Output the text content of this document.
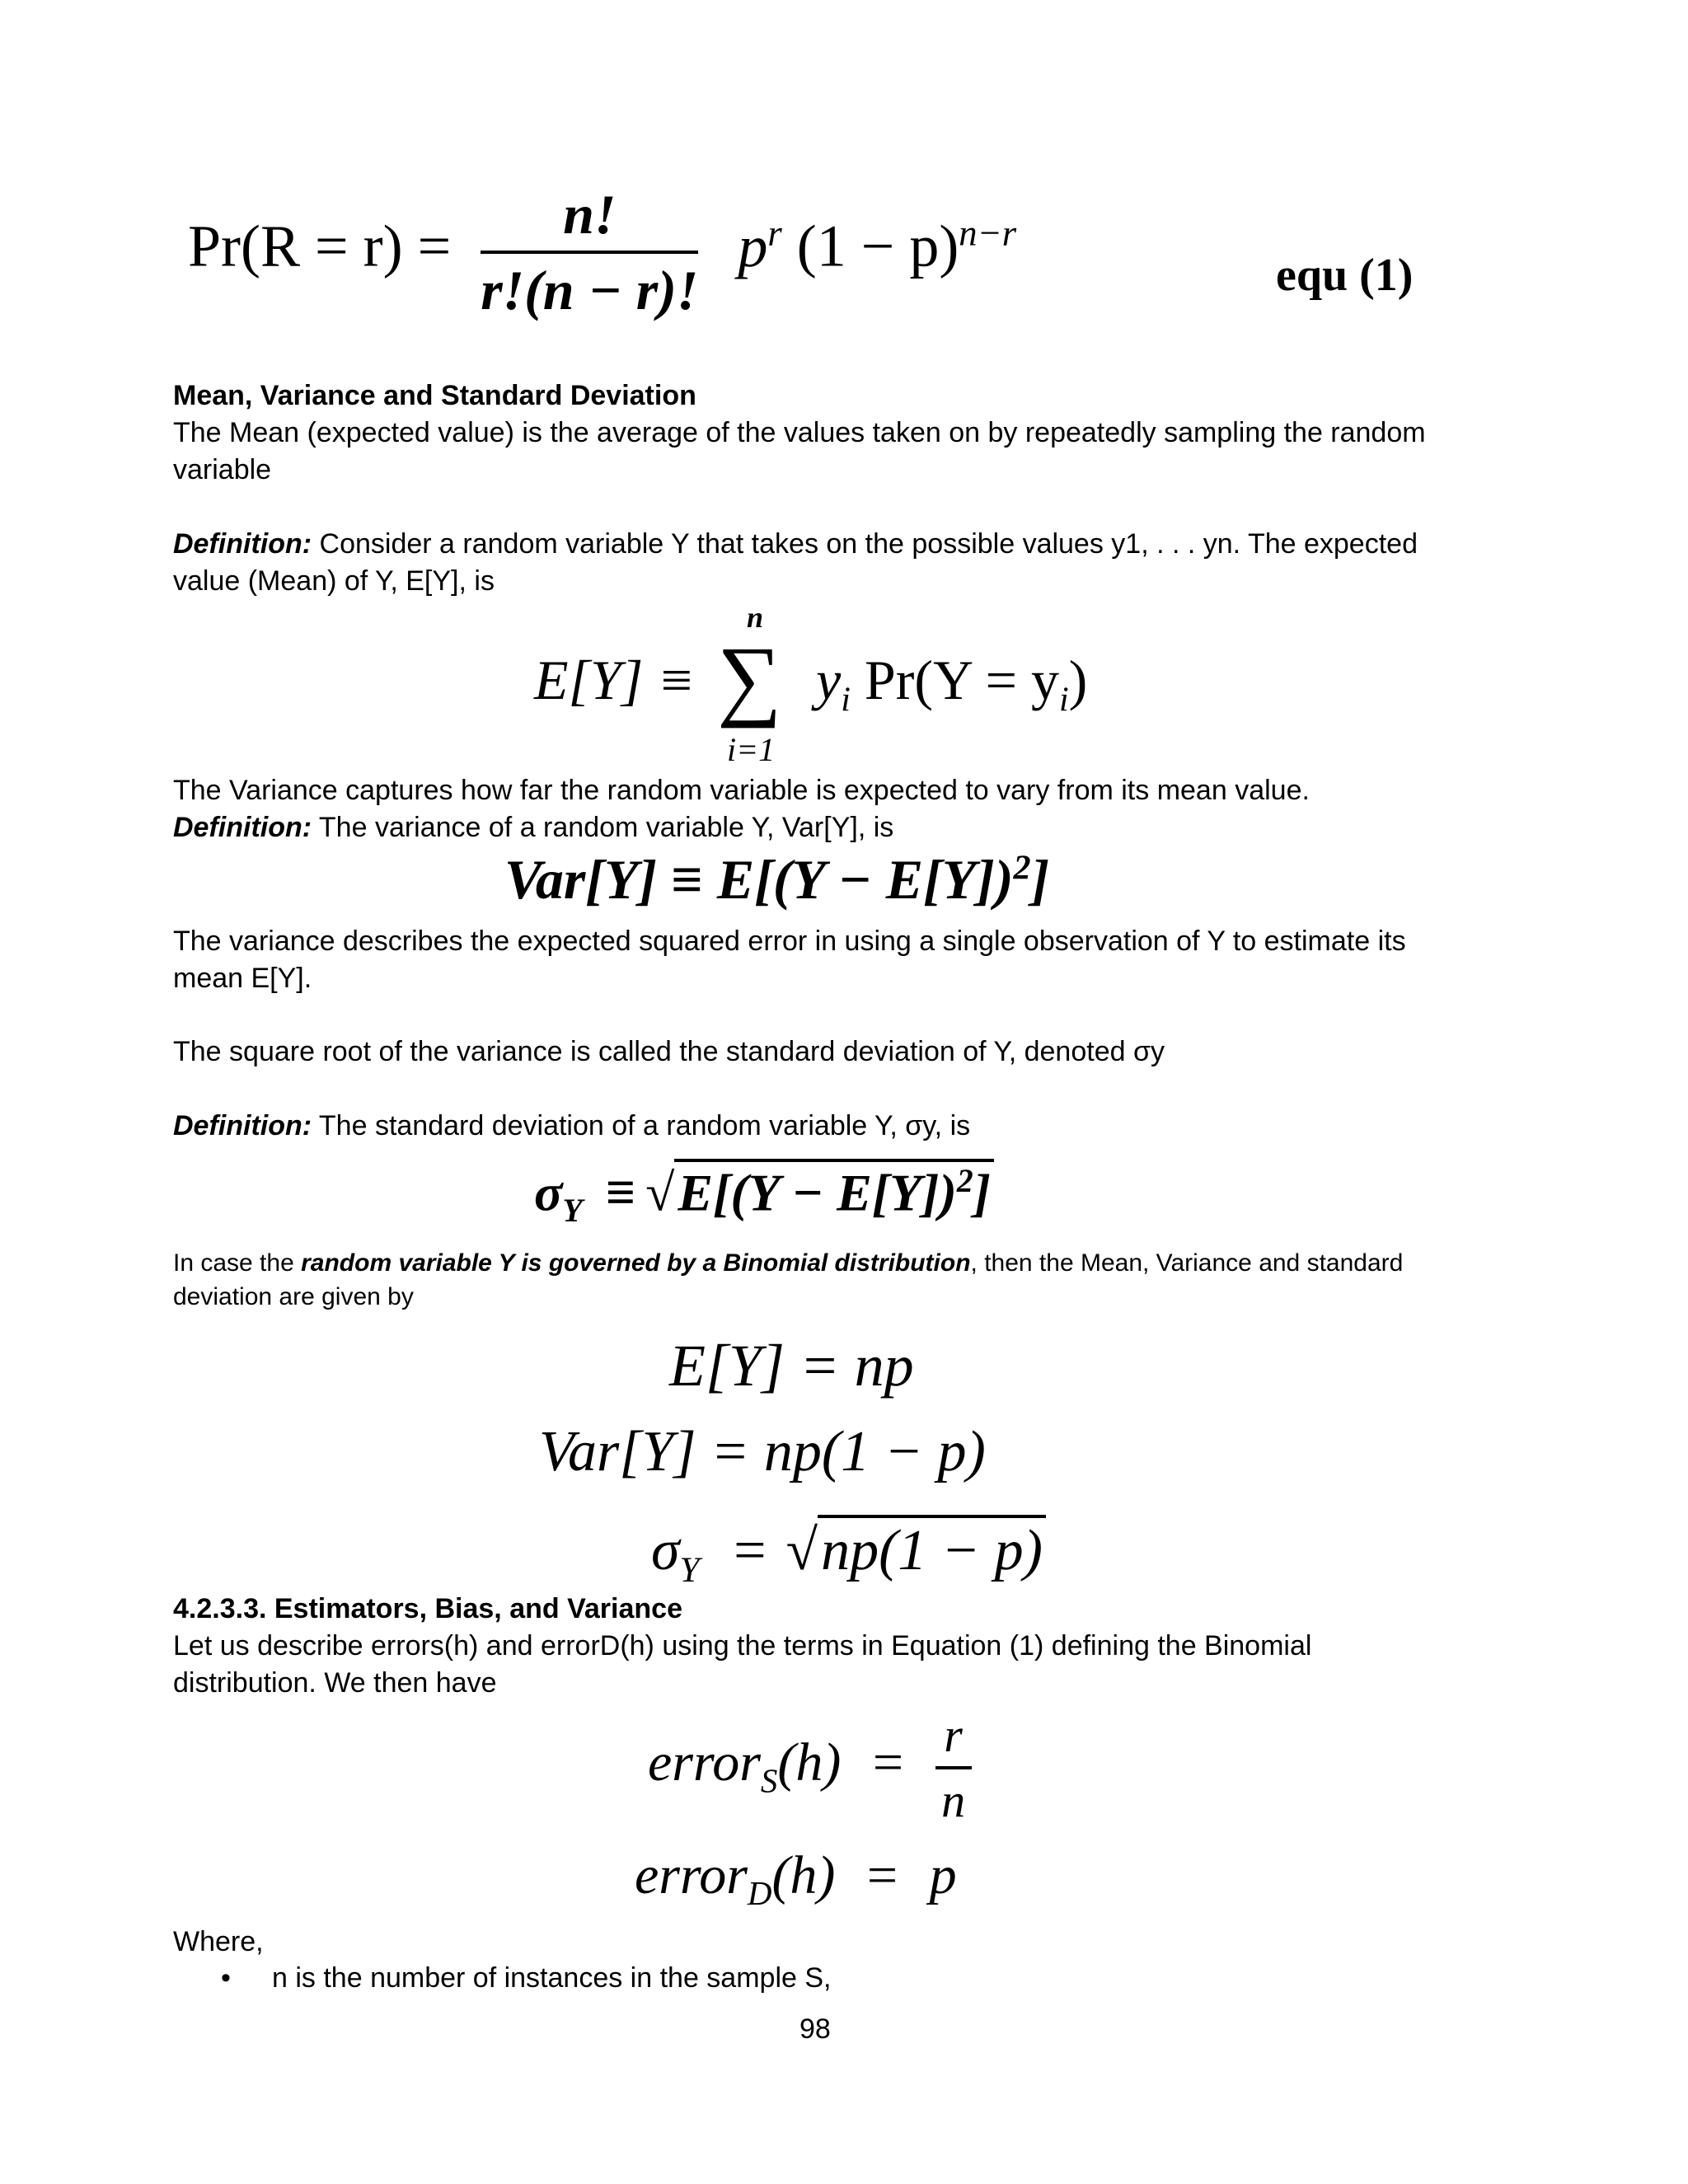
$Pr(R = r) = \frac{n!}{r!(n - r)!} p^r$ $(1 - p)^{n-r}$
equ (1)
Mean, Variance and Standard Deviation
The Mean (expected value) is the average of the values taken on by repeatedly sampling the random variable
Definition: Consider a random variable Y that takes on the possible values y1, . . . yn. The expected value (Mean) of Y, E[Y], is
E[Y] ≡
n
∑
i=1
$y_i$ $Pr(Y = y_i)$
The Variance captures how far the random variable is expected to vary from its mean value.
Definition: The variance of a random variable Y, Var[Y], is
$Var[Y] \equiv E[(Y - E[Y])^2]$
The variance describes the expected squared error in using a single observation of Y to estimate its mean E[Y].
The square root of the variance is called the standard deviation of Y, denoted σy
Definition: The standard deviation of a random variable Y, σy, is
$\sigma_Y \equiv √E[(Y - E[Y])^2]$
In case the random variable Y is governed by a Binomial distribution, then the Mean, Variance and standard deviation are given by
E[Y] = np
Var[Y] = np(1 − p)
$\sigma_Y = √np(1 - p)$
4.2.3.3. Estimators, Bias, and Variance
Let us describe errors(h) and errorD(h) using the terms in Equation (1) defining the Binomial distribution. We then have
error$_S$(h) = $\frac{r}{n}$
error$_D$(h) = p
Where,
• n is the number of instances in the sample S,
98
